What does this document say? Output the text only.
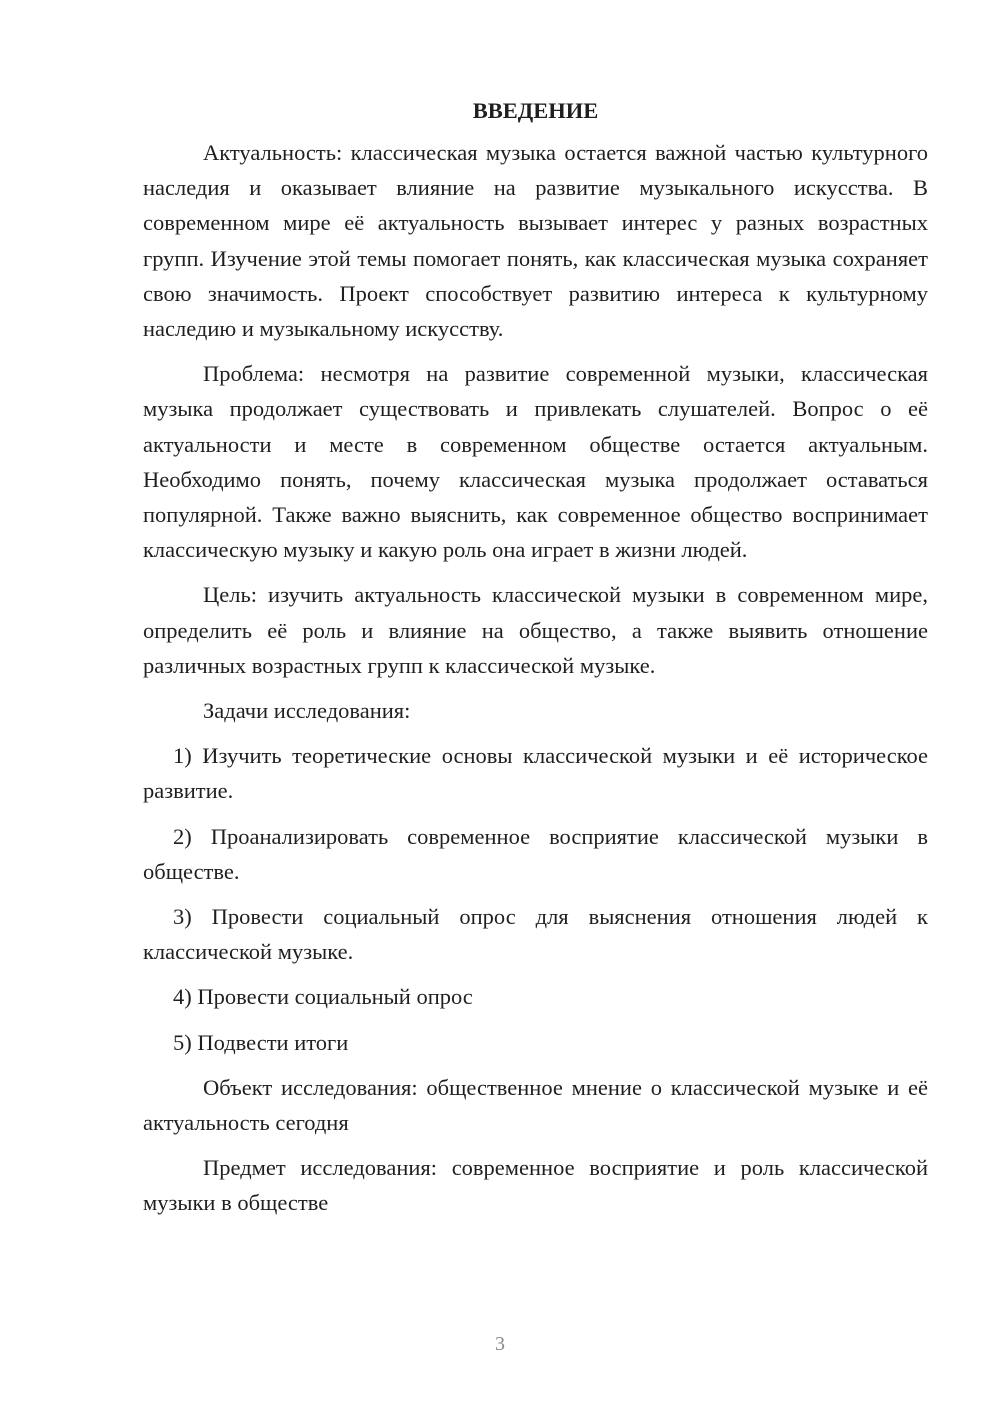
ВВЕДЕНИЕ

Актуальность: классическая музыка остается важной частью культурного наследия и оказывает влияние на развитие музыкального искусства. В современном мире её актуальность вызывает интерес у разных возрастных групп. Изучение этой темы помогает понять, как классическая музыка сохраняет свою значимость. Проект способствует развитию интереса к культурному наследию и музыкальному искусству.

Проблема: несмотря на развитие современной музыки, классическая музыка продолжает существовать и привлекать слушателей. Вопрос о её актуальности и месте в современном обществе остается актуальным. Необходимо понять, почему классическая музыка продолжает оставаться популярной. Также важно выяснить, как современное общество воспринимает классическую музыку и какую роль она играет в жизни людей.

Цель: изучить актуальность классической музыки в современном мире, определить её роль и влияние на общество, а также выявить отношение различных возрастных групп к классической музыке.

Задачи исследования:

1) Изучить теоретические основы классической музыки и её историческое развитие.

2) Проанализировать современное восприятие классической музыки в обществе.

3) Провести социальный опрос для выяснения отношения людей к классической музыке.

4) Провести социальный опрос

5) Подвести итоги

Объект исследования: общественное мнение о классической музыке и её актуальность сегодня

Предмет исследования: современное восприятие и роль классической музыки в обществе

3
